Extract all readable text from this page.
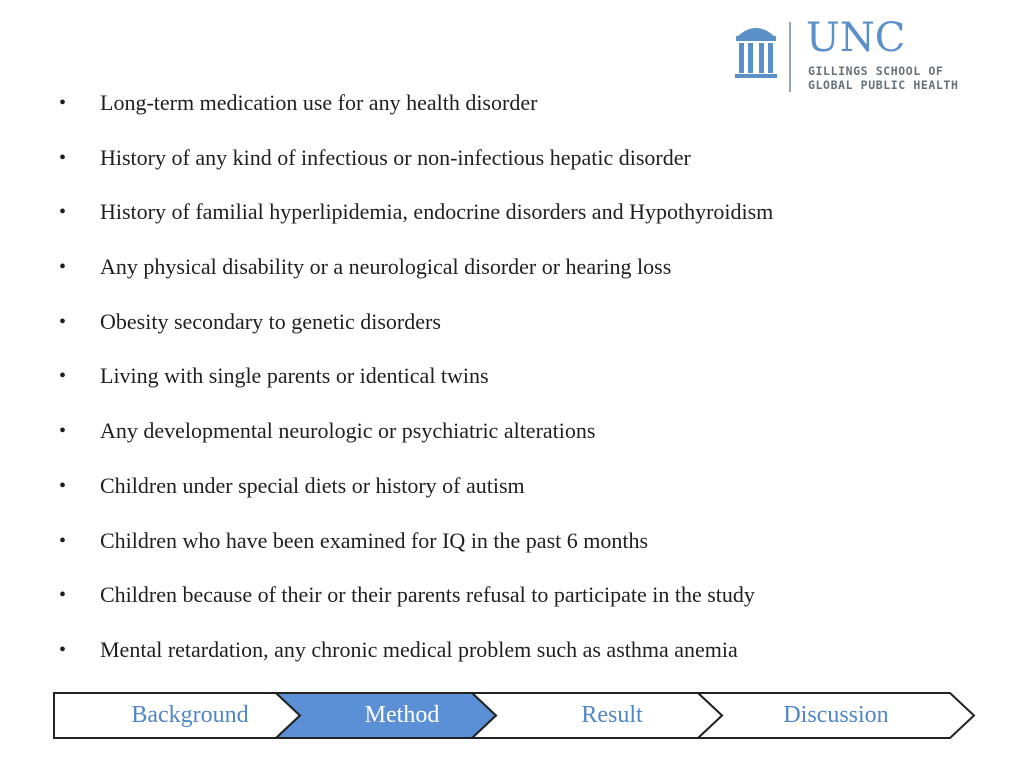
UNC
GILLINGS SCHOOL OF
GLOBAL PUBLIC HEALTH
• Long-term medication use for any health disorder
• History of any kind of infectious or non-infectious hepatic disorder
• History of familial hyperlipidemia, endocrine disorders and Hypothyroidism
• Any physical disability or a neurological disorder or hearing loss
• Obesity secondary to genetic disorders
• Living with single parents or identical twins
• Any developmental neurologic or psychiatric alterations
• Children under special diets or history of autism
• Children who have been examined for IQ in the past 6 months
• Children because of their or their parents refusal to participate in the study
• Mental retardation, any chronic medical problem such as asthma anemia
Background	Method	Result	Discussion
